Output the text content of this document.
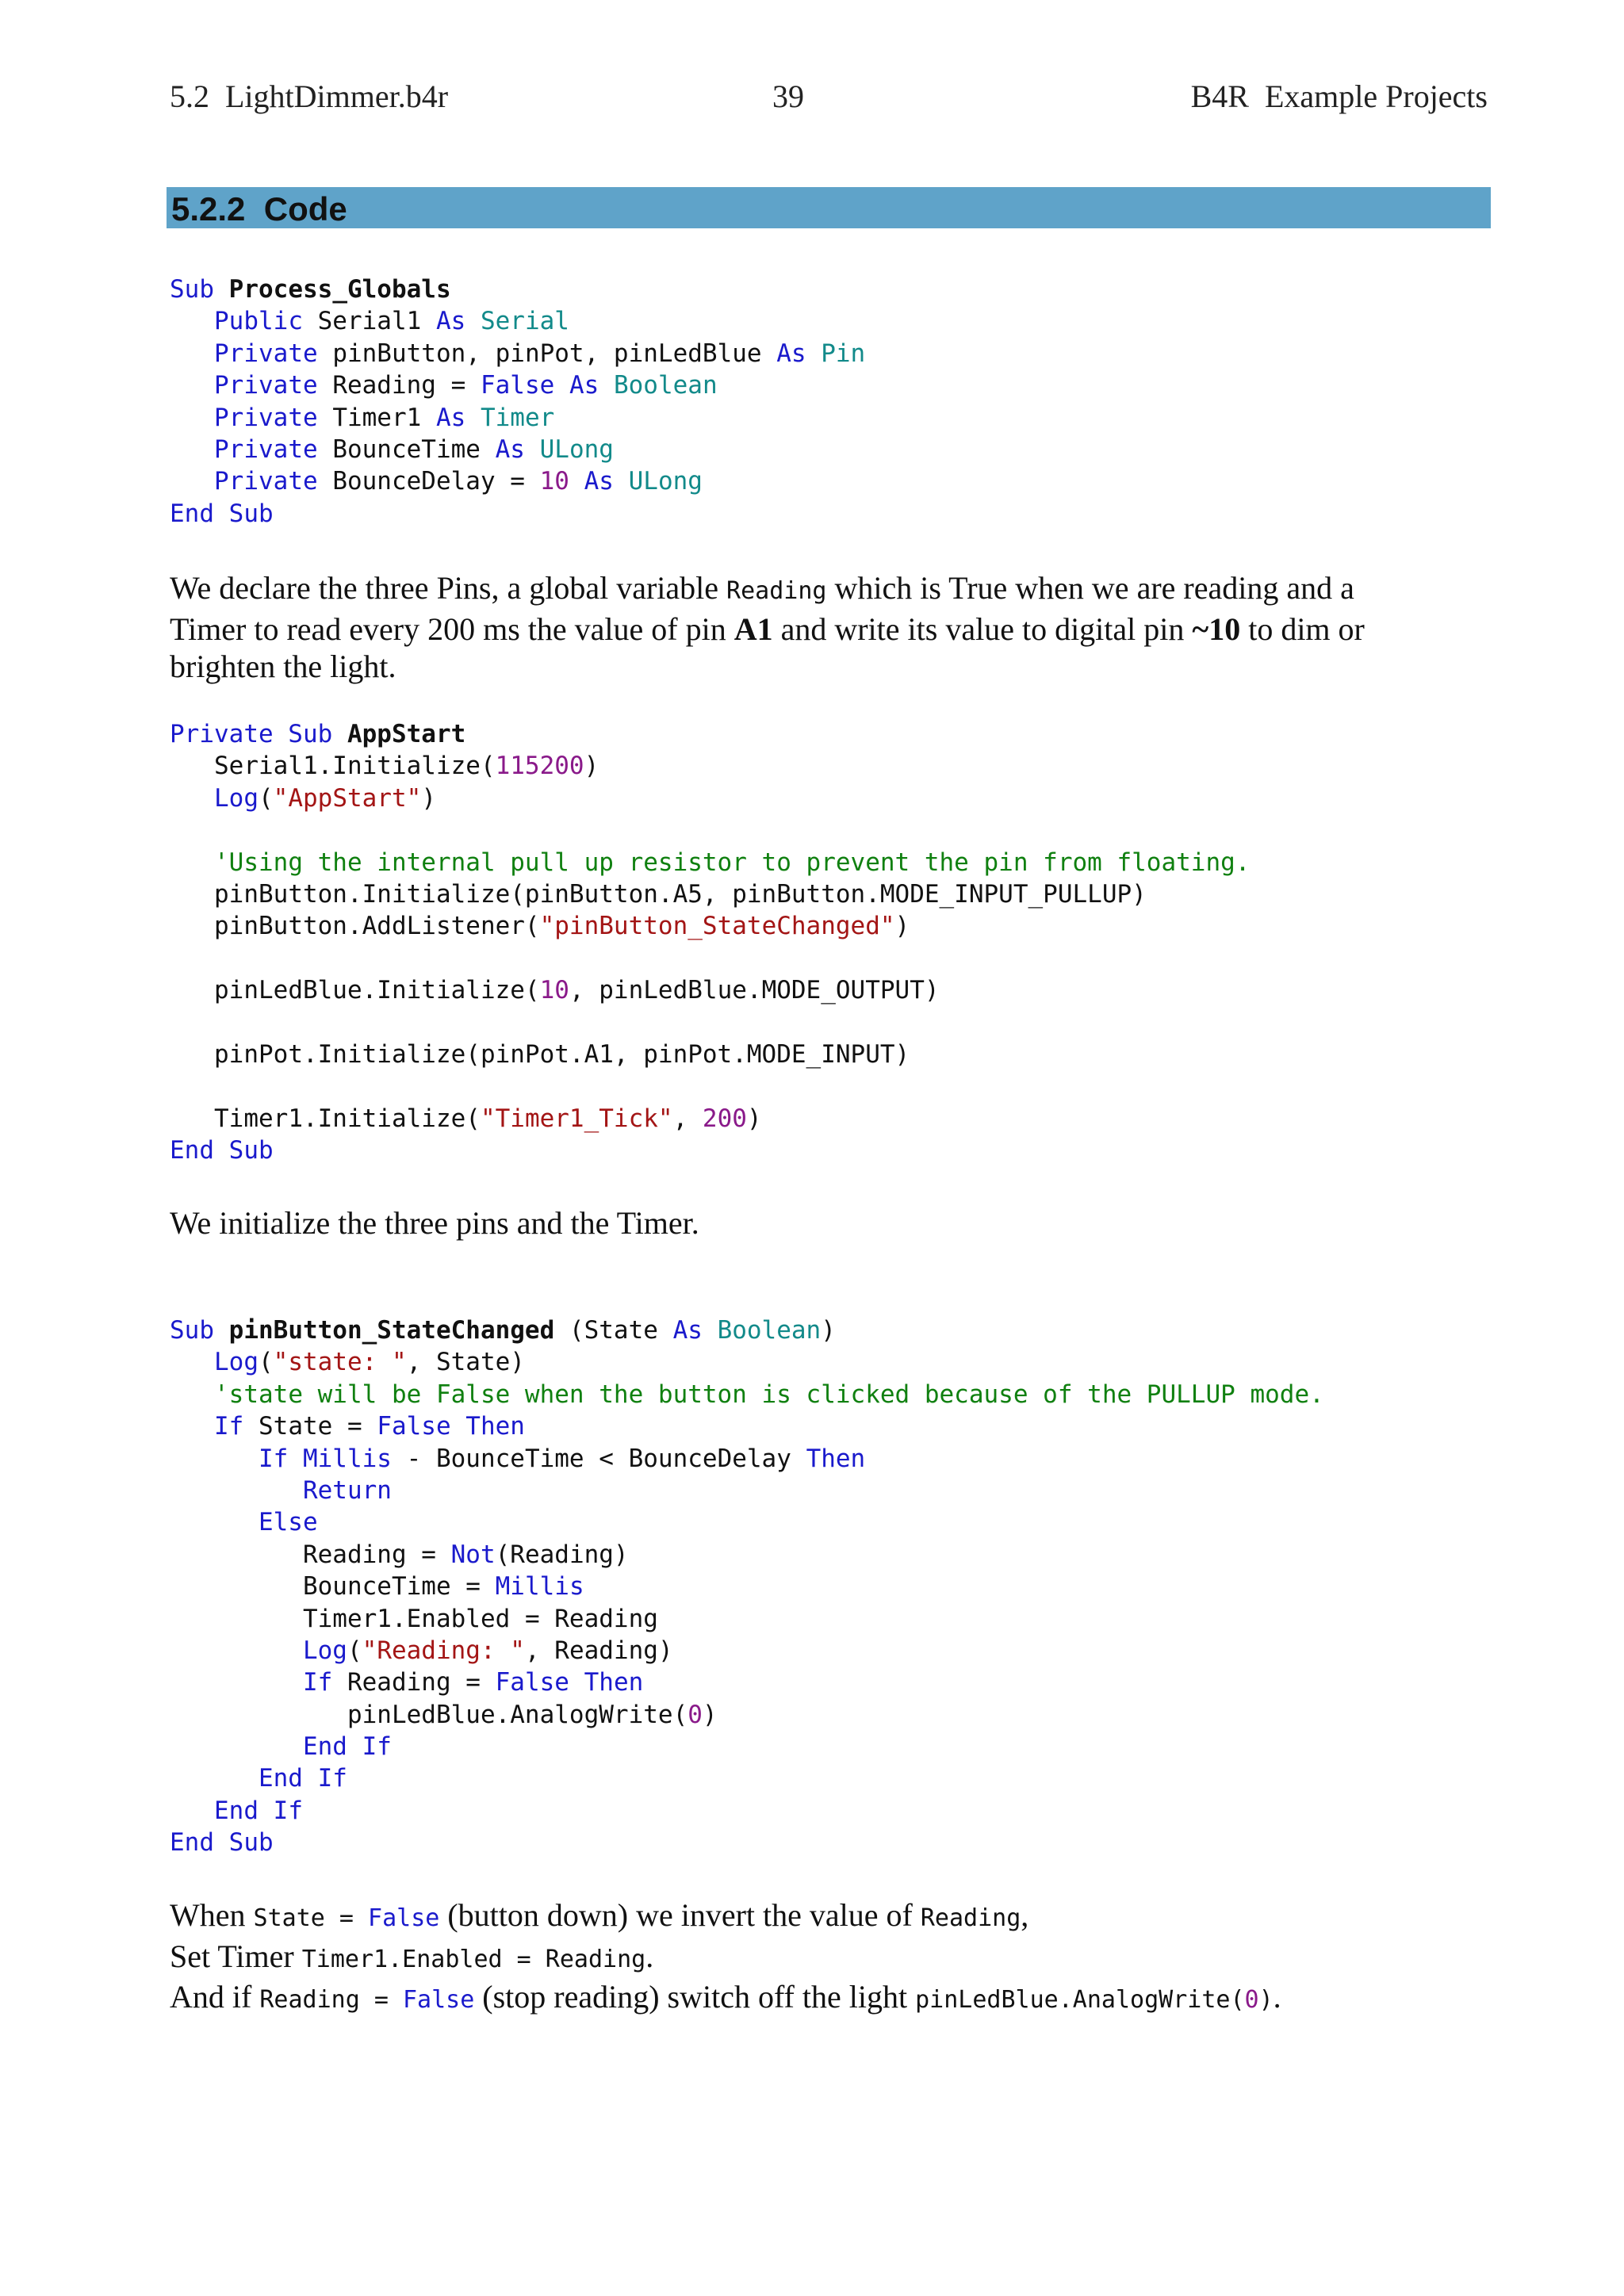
5.2  LightDimmer.b4r	39	B4R  Example Projects
5.2.2  Code
Sub Process_Globals
Public Serial1 As Serial
Private pinButton, pinPot, pinLedBlue As Pin
Private Reading = False As Boolean
Private Timer1 As Timer
Private BounceTime As ULong
Private BounceDelay = 10 As ULong
End Sub
We declare the three Pins, a global variable Reading which is True when we are reading and a
Timer to read every 200 ms the value of pin A1 and write its value to digital pin ~10 to dim or
brighten the light.
Private Sub AppStart
Serial1.Initialize(115200)
Log("AppStart")

'Using the internal pull up resistor to prevent the pin from floating.
pinButton.Initialize(pinButton.A5, pinButton.MODE_INPUT_PULLUP)
pinButton.AddListener("pinButton_StateChanged")

pinLedBlue.Initialize(10, pinLedBlue.MODE_OUTPUT)

pinPot.Initialize(pinPot.A1, pinPot.MODE_INPUT)

Timer1.Initialize("Timer1_Tick", 200)
End Sub
We initialize the three pins and the Timer.
Sub pinButton_StateChanged (State As Boolean)
Log("state: ", State)
'state will be False when the button is clicked because of the PULLUP mode.
If State = False Then
If Millis - BounceTime < BounceDelay Then
Return
Else
Reading = Not(Reading)
BounceTime = Millis
Timer1.Enabled = Reading
Log("Reading: ", Reading)
If Reading = False Then
pinLedBlue.AnalogWrite(0)
End If
End If
End If
End Sub
When State = False (button down) we invert the value of Reading,
Set Timer Timer1.Enabled = Reading.
And if Reading = False (stop reading) switch off the light pinLedBlue.AnalogWrite(0).
